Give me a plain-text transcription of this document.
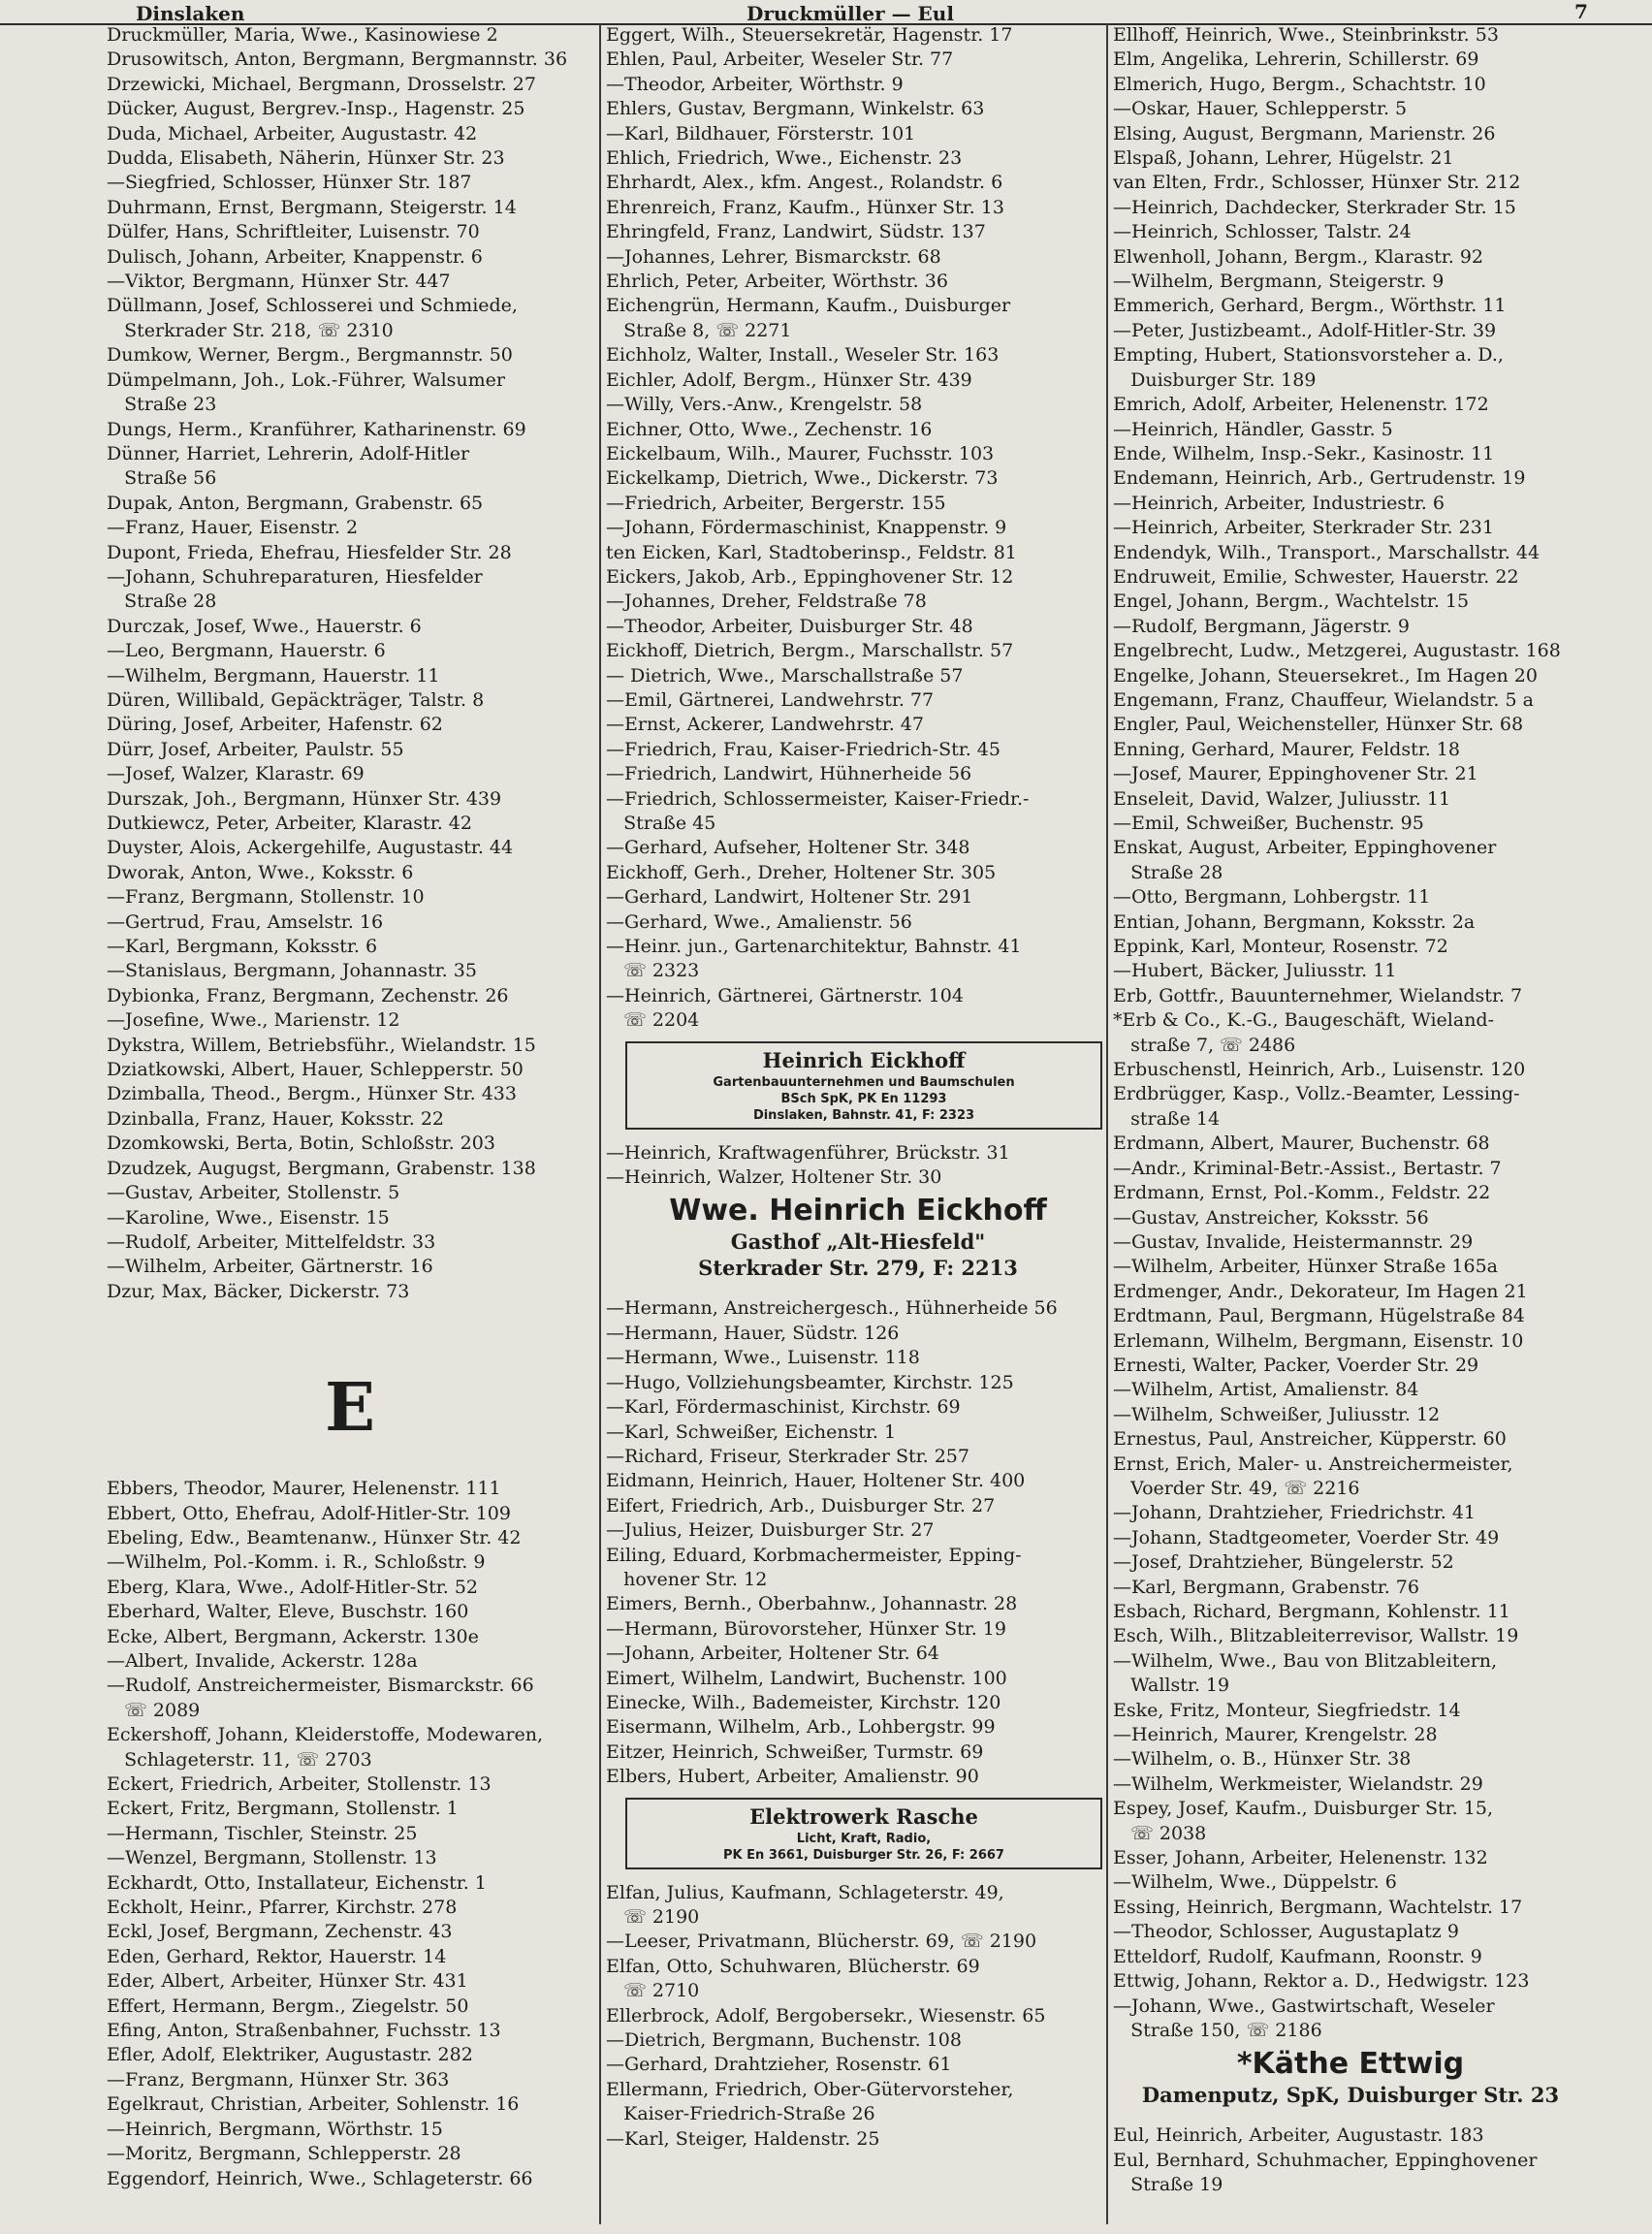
Dinslaken	Druckmüller — Eul	7
Druckmüller, Maria, Wwe., Kasinowiese 2
Drusowitsch, Anton, Bergmann, Bergmannstr. 36
Drzewicki, Michael, Bergmann, Drosselstr. 27
Dücker, August, Bergrev.-Insp., Hagenstr. 25
Duda, Michael, Arbeiter, Augustastr. 42
Dudda, Elisabeth, Näherin, Hünxer Str. 23
—Siegfried, Schlosser, Hünxer Str. 187
Duhrmann, Ernst, Bergmann, Steigerstr. 14
Dülfer, Hans, Schriftleiter, Luisenstr. 70
Dulisch, Johann, Arbeiter, Knappenstr. 6
—Viktor, Bergmann, Hünxer Str. 447
Düllmann, Josef, Schlosserei und Schmiede,
Sterkrader Str. 218, ☏ 2310
Dumkow, Werner, Bergm., Bergmannstr. 50
Dümpelmann, Joh., Lok.-Führer, Walsumer
Straße 23
Dungs, Herm., Kranführer, Katharinenstr. 69
Dünner, Harriet, Lehrerin, Adolf-Hitler
Straße 56
Dupak, Anton, Bergmann, Grabenstr. 65
—Franz, Hauer, Eisenstr. 2
Dupont, Frieda, Ehefrau, Hiesfelder Str. 28
—Johann, Schuhreparaturen, Hiesfelder
Straße 28
Durczak, Josef, Wwe., Hauerstr. 6
—Leo, Bergmann, Hauerstr. 6
—Wilhelm, Bergmann, Hauerstr. 11
Düren, Willibald, Gepäckträger, Talstr. 8
Düring, Josef, Arbeiter, Hafenstr. 62
Dürr, Josef, Arbeiter, Paulstr. 55
—Josef, Walzer, Klarastr. 69
Durszak, Joh., Bergmann, Hünxer Str. 439
Dutkiewcz, Peter, Arbeiter, Klarastr. 42
Duyster, Alois, Ackergehilfe, Augustastr. 44
Dworak, Anton, Wwe., Koksstr. 6
—Franz, Bergmann, Stollenstr. 10
—Gertrud, Frau, Amselstr. 16
—Karl, Bergmann, Koksstr. 6
—Stanislaus, Bergmann, Johannastr. 35
Dybionka, Franz, Bergmann, Zechenstr. 26
—Josefine, Wwe., Marienstr. 12
Dykstra, Willem, Betriebsführ., Wielandstr. 15
Dziatkowski, Albert, Hauer, Schlepperstr. 50
Dzimballa, Theod., Bergm., Hünxer Str. 433
Dzinballa, Franz, Hauer, Koksstr. 22
Dzomkowski, Berta, Botin, Schloßstr. 203
Dzudzek, Augugst, Bergmann, Grabenstr. 138
—Gustav, Arbeiter, Stollenstr. 5
—Karoline, Wwe., Eisenstr. 15
—Rudolf, Arbeiter, Mittelfeldstr. 33
—Wilhelm, Arbeiter, Gärtnerstr. 16
Dzur, Max, Bäcker, Dickerstr. 73
E
Ebbers, Theodor, Maurer, Helenenstr. 111
Ebbert, Otto, Ehefrau, Adolf-Hitler-Str. 109
Ebeling, Edw., Beamtenanw., Hünxer Str. 42
—Wilhelm, Pol.-Komm. i. R., Schloßstr. 9
Eberg, Klara, Wwe., Adolf-Hitler-Str. 52
Eberhard, Walter, Eleve, Buschstr. 160
Ecke, Albert, Bergmann, Ackerstr. 130e
—Albert, Invalide, Ackerstr. 128a
—Rudolf, Anstreichermeister, Bismarckstr. 66
☏ 2089
Eckershoff, Johann, Kleiderstoffe, Modewaren,
Schlageterstr. 11, ☏ 2703
Eckert, Friedrich, Arbeiter, Stollenstr. 13
Eckert, Fritz, Bergmann, Stollenstr. 1
—Hermann, Tischler, Steinstr. 25
—Wenzel, Bergmann, Stollenstr. 13
Eckhardt, Otto, Installateur, Eichenstr. 1
Eckholt, Heinr., Pfarrer, Kirchstr. 278
Eckl, Josef, Bergmann, Zechenstr. 43
Eden, Gerhard, Rektor, Hauerstr. 14
Eder, Albert, Arbeiter, Hünxer Str. 431
Effert, Hermann, Bergm., Ziegelstr. 50
Efing, Anton, Straßenbahner, Fuchsstr. 13
Efler, Adolf, Elektriker, Augustastr. 282
—Franz, Bergmann, Hünxer Str. 363
Egelkraut, Christian, Arbeiter, Sohlenstr. 16
—Heinrich, Bergmann, Wörthstr. 15
—Moritz, Bergmann, Schlepperstr. 28
Eggendorf, Heinrich, Wwe., Schlageterstr. 66
Eggert, Wilh., Steuersekretär, Hagenstr. 17
Ehlen, Paul, Arbeiter, Weseler Str. 77
—Theodor, Arbeiter, Wörthstr. 9
Ehlers, Gustav, Bergmann, Winkelstr. 63
—Karl, Bildhauer, Försterstr. 101
Ehlich, Friedrich, Wwe., Eichenstr. 23
Ehrhardt, Alex., kfm. Angest., Rolandstr. 6
Ehrenreich, Franz, Kaufm., Hünxer Str. 13
Ehringfeld, Franz, Landwirt, Südstr. 137
—Johannes, Lehrer, Bismarckstr. 68
Ehrlich, Peter, Arbeiter, Wörthstr. 36
Eichengrün, Hermann, Kaufm., Duisburger
Straße 8, ☏ 2271
Eichholz, Walter, Install., Weseler Str. 163
Eichler, Adolf, Bergm., Hünxer Str. 439
—Willy, Vers.-Anw., Krengelstr. 58
Eichner, Otto, Wwe., Zechenstr. 16
Eickelbaum, Wilh., Maurer, Fuchsstr. 103
Eickelkamp, Dietrich, Wwe., Dickerstr. 73
—Friedrich, Arbeiter, Bergerstr. 155
—Johann, Fördermaschinist, Knappenstr. 9
ten Eicken, Karl, Stadtoberinsp., Feldstr. 81
Eickers, Jakob, Arb., Eppinghovener Str. 12
—Johannes, Dreher, Feldstraße 78
—Theodor, Arbeiter, Duisburger Str. 48
Eickhoff, Dietrich, Bergm., Marschallstr. 57
— Dietrich, Wwe., Marschallstraße 57
—Emil, Gärtnerei, Landwehrstr. 77
—Ernst, Ackerer, Landwehrstr. 47
—Friedrich, Frau, Kaiser-Friedrich-Str. 45
—Friedrich, Landwirt, Hühnerheide 56
—Friedrich, Schlossermeister, Kaiser-Friedr.-
Straße 45
—Gerhard, Aufseher, Holtener Str. 348
Eickhoff, Gerh., Dreher, Holtener Str. 305
—Gerhard, Landwirt, Holtener Str. 291
—Gerhard, Wwe., Amalienstr. 56
—Heinr. jun., Gartenarchitektur, Bahnstr. 41
☏ 2323
—Heinrich, Gärtnerei, Gärtnerstr. 104
☏ 2204
Heinrich Eickhoff
Gartenbauunternehmen und Baumschulen
BSch SpK, PK En 11293
Dinslaken, Bahnstr. 41, F: 2323
—Heinrich, Kraftwagenführer, Brückstr. 31
—Heinrich, Walzer, Holtener Str. 30
Wwe. Heinrich Eickhoff
Gasthof „Alt-Hiesfeld"
Sterkrader Str. 279, F: 2213
—Hermann, Anstreichergesch., Hühnerheide 56
—Hermann, Hauer, Südstr. 126
—Hermann, Wwe., Luisenstr. 118
—Hugo, Vollziehungsbeamter, Kirchstr. 125
—Karl, Fördermaschinist, Kirchstr. 69
—Karl, Schweißer, Eichenstr. 1
—Richard, Friseur, Sterkrader Str. 257
Eidmann, Heinrich, Hauer, Holtener Str. 400
Eifert, Friedrich, Arb., Duisburger Str. 27
—Julius, Heizer, Duisburger Str. 27
Eiling, Eduard, Korbmachermeister, Epping-
hovener Str. 12
Eimers, Bernh., Oberbahnw., Johannastr. 28
—Hermann, Bürovorsteher, Hünxer Str. 19
—Johann, Arbeiter, Holtener Str. 64
Eimert, Wilhelm, Landwirt, Buchenstr. 100
Einecke, Wilh., Bademeister, Kirchstr. 120
Eisermann, Wilhelm, Arb., Lohbergstr. 99
Eitzer, Heinrich, Schweißer, Turmstr. 69
Elbers, Hubert, Arbeiter, Amalienstr. 90
Elektrowerk Rasche
Licht, Kraft, Radio,
PK En 3661, Duisburger Str. 26, F: 2667
Elfan, Julius, Kaufmann, Schlageterstr. 49,
☏ 2190
—Leeser, Privatmann, Blücherstr. 69, ☏ 2190
Elfan, Otto, Schuhwaren, Blücherstr. 69
☏ 2710
Ellerbrock, Adolf, Bergobersekr., Wiesenstr. 65
—Dietrich, Bergmann, Buchenstr. 108
—Gerhard, Drahtzieher, Rosenstr. 61
Ellermann, Friedrich, Ober-Gütervorsteher,
Kaiser-Friedrich-Straße 26
—Karl, Steiger, Haldenstr. 25
Ellhoff, Heinrich, Wwe., Steinbrinkstr. 53
Elm, Angelika, Lehrerin, Schillerstr. 69
Elmerich, Hugo, Bergm., Schachtstr. 10
—Oskar, Hauer, Schlepperstr. 5
Elsing, August, Bergmann, Marienstr. 26
Elspaß, Johann, Lehrer, Hügelstr. 21
van Elten, Frdr., Schlosser, Hünxer Str. 212
—Heinrich, Dachdecker, Sterkrader Str. 15
—Heinrich, Schlosser, Talstr. 24
Elwenholl, Johann, Bergm., Klarastr. 92
—Wilhelm, Bergmann, Steigerstr. 9
Emmerich, Gerhard, Bergm., Wörthstr. 11
—Peter, Justizbeamt., Adolf-Hitler-Str. 39
Empting, Hubert, Stationsvorsteher a. D.,
Duisburger Str. 189
Emrich, Adolf, Arbeiter, Helenenstr. 172
—Heinrich, Händler, Gasstr. 5
Ende, Wilhelm, Insp.-Sekr., Kasinostr. 11
Endemann, Heinrich, Arb., Gertrudenstr. 19
—Heinrich, Arbeiter, Industriestr. 6
—Heinrich, Arbeiter, Sterkrader Str. 231
Endendyk, Wilh., Transport., Marschallstr. 44
Endruweit, Emilie, Schwester, Hauerstr. 22
Engel, Johann, Bergm., Wachtelstr. 15
—Rudolf, Bergmann, Jägerstr. 9
Engelbrecht, Ludw., Metzgerei, Augustastr. 168
Engelke, Johann, Steuersekret., Im Hagen 20
Engemann, Franz, Chauffeur, Wielandstr. 5 a
Engler, Paul, Weichensteller, Hünxer Str. 68
Enning, Gerhard, Maurer, Feldstr. 18
—Josef, Maurer, Eppinghovener Str. 21
Enseleit, David, Walzer, Juliusstr. 11
—Emil, Schweißer, Buchenstr. 95
Enskat, August, Arbeiter, Eppinghovener
Straße 28
—Otto, Bergmann, Lohbergstr. 11
Entian, Johann, Bergmann, Koksstr. 2a
Eppink, Karl, Monteur, Rosenstr. 72
—Hubert, Bäcker, Juliusstr. 11
Erb, Gottfr., Bauunternehmer, Wielandstr. 7
*Erb & Co., K.-G., Baugeschäft, Wieland-
straße 7, ☏ 2486
Erbuschenstl, Heinrich, Arb., Luisenstr. 120
Erdbrügger, Kasp., Vollz.-Beamter, Lessing-
straße 14
Erdmann, Albert, Maurer, Buchenstr. 68
—Andr., Kriminal-Betr.-Assist., Bertastr. 7
Erdmann, Ernst, Pol.-Komm., Feldstr. 22
—Gustav, Anstreicher, Koksstr. 56
—Gustav, Invalide, Heistermannstr. 29
—Wilhelm, Arbeiter, Hünxer Straße 165a
Erdmenger, Andr., Dekorateur, Im Hagen 21
Erdtmann, Paul, Bergmann, Hügelstraße 84
Erlemann, Wilhelm, Bergmann, Eisenstr. 10
Ernesti, Walter, Packer, Voerder Str. 29
—Wilhelm, Artist, Amalienstr. 84
—Wilhelm, Schweißer, Juliusstr. 12
Ernestus, Paul, Anstreicher, Küpperstr. 60
Ernst, Erich, Maler- u. Anstreichermeister,
Voerder Str. 49, ☏ 2216
—Johann, Drahtzieher, Friedrichstr. 41
—Johann, Stadtgeometer, Voerder Str. 49
—Josef, Drahtzieher, Büngelerstr. 52
—Karl, Bergmann, Grabenstr. 76
Esbach, Richard, Bergmann, Kohlenstr. 11
Esch, Wilh., Blitzableiterrevisor, Wallstr. 19
—Wilhelm, Wwe., Bau von Blitzableitern,
Wallstr. 19
Eske, Fritz, Monteur, Siegfriedstr. 14
—Heinrich, Maurer, Krengelstr. 28
—Wilhelm, o. B., Hünxer Str. 38
—Wilhelm, Werkmeister, Wielandstr. 29
Espey, Josef, Kaufm., Duisburger Str. 15,
☏ 2038
Esser, Johann, Arbeiter, Helenenstr. 132
—Wilhelm, Wwe., Düppelstr. 6
Essing, Heinrich, Bergmann, Wachtelstr. 17
—Theodor, Schlosser, Augustaplatz 9
Etteldorf, Rudolf, Kaufmann, Roonstr. 9
Ettwig, Johann, Rektor a. D., Hedwigstr. 123
—Johann, Wwe., Gastwirtschaft, Weseler
Straße 150, ☏ 2186
*Käthe Ettwig
Damenputz, SpK, Duisburger Str. 23
Eul, Heinrich, Arbeiter, Augustastr. 183
Eul, Bernhard, Schuhmacher, Eppinghovener
Straße 19
